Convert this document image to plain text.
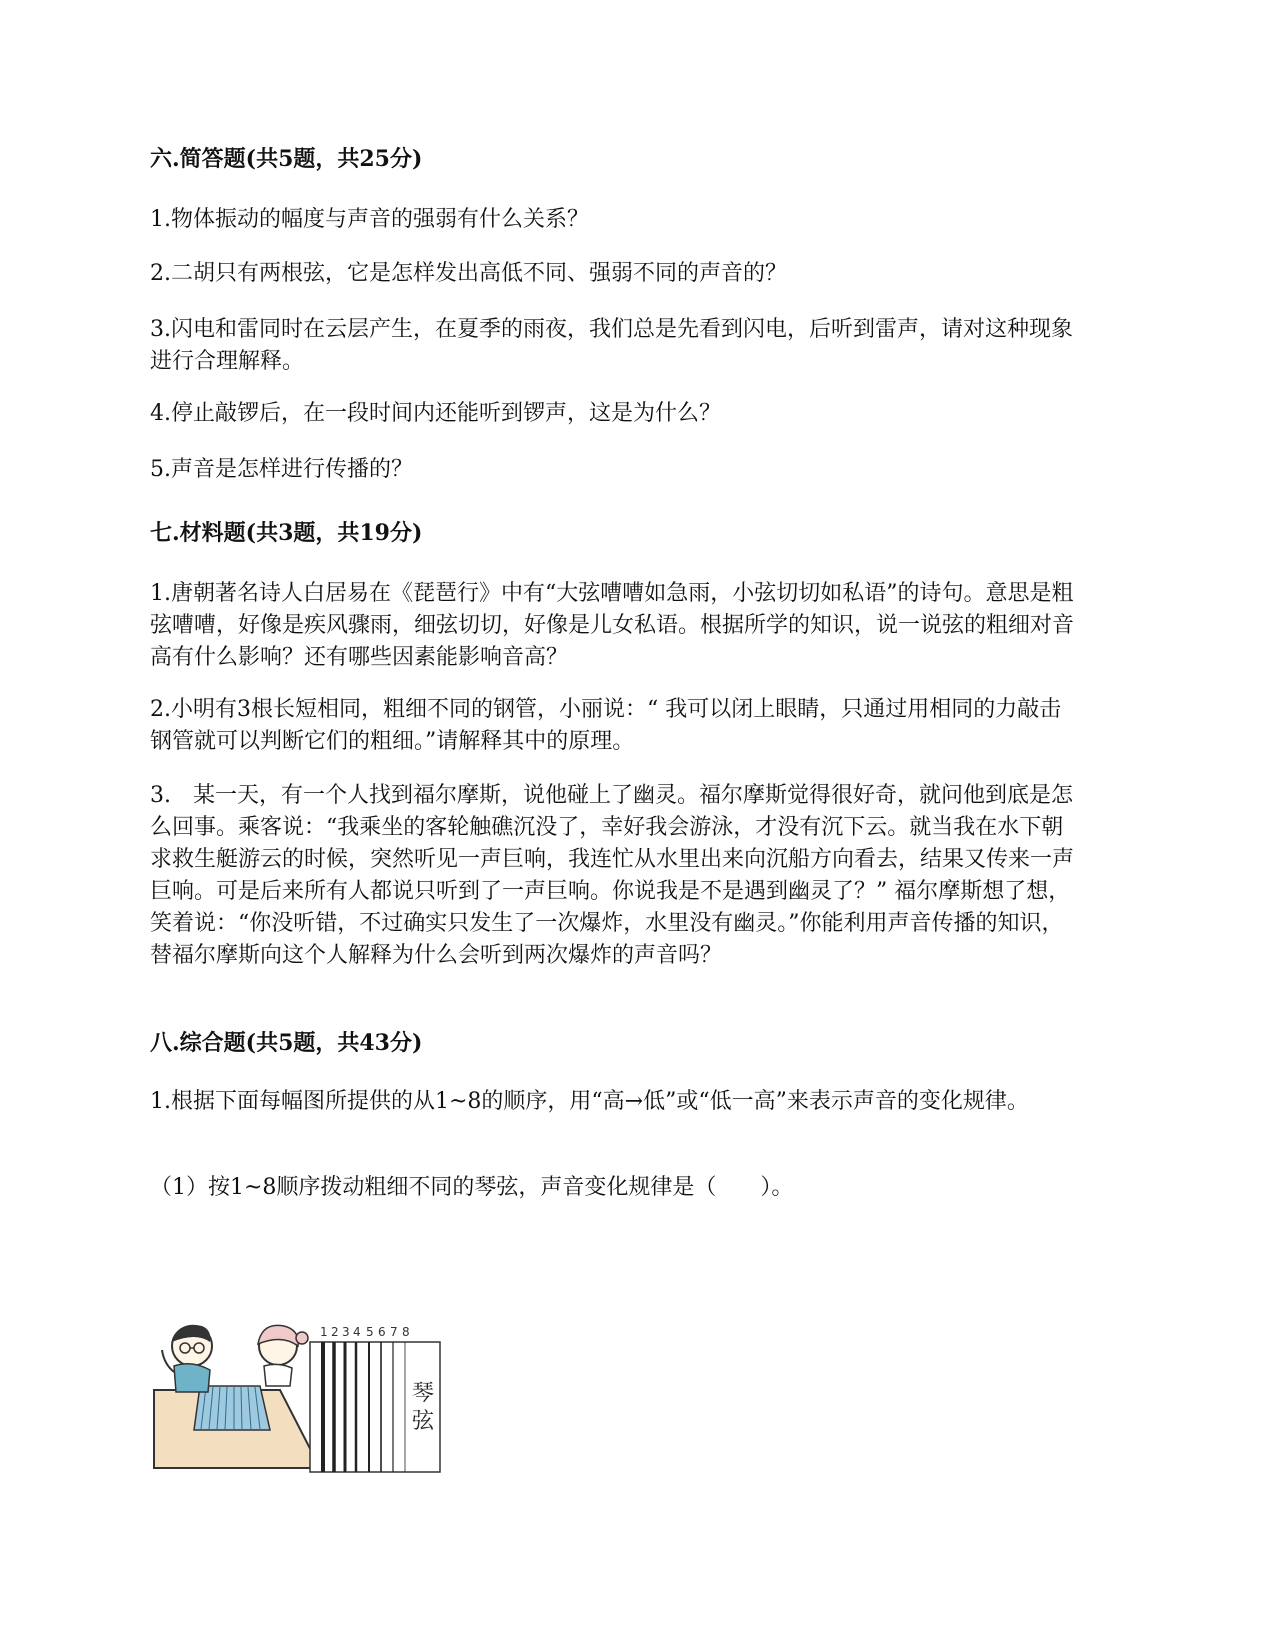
六.简答题(共5题，共25分)

1.物体振动的幅度与声音的强弱有什么关系？

2.二胡只有两根弦，它是怎样发出高低不同、强弱不同的声音的？

3.闪电和雷同时在云层产生，在夏季的雨夜，我们总是先看到闪电，后听到雷声，请对这种现象进行合理解释。

4.停止敲锣后，在一段时间内还能听到锣声，这是为什么？

5.声音是怎样进行传播的？

七.材料题(共3题，共19分)

1.唐朝著名诗人白居易在《琵琶行》中有“大弦嘈嘈如急雨，小弦切切如私语”的诗句。意思是粗弦嘈嘈，好像是疾风骤雨，细弦切切，好像是儿女私语。根据所学的知识，说一说弦的粗细对音高有什么影响？还有哪些因素能影响音高？

2.小明有3根长短相同，粗细不同的钢管，小丽说：“ 我可以闭上眼睛，只通过用相同的力敲击钢管就可以判断它们的粗细。”请解释其中的原理。

3.　某一天，有一个人找到福尔摩斯，说他碰上了幽灵。福尔摩斯觉得很好奇，就问他到底是怎么回事。乘客说：“我乘坐的客轮触礁沉没了，幸好我会游泳，才没有沉下云。就当我在水下朝求救生艇游云的时候，突然听见一声巨响，我连忙从水里出来向沉船方向看去，结果又传来一声巨响。可是后来所有人都说只听到了一声巨响。你说我是不是遇到幽灵了？” 福尔摩斯想了想，笑着说：“你没听错，不过确实只发生了一次爆炸，水里没有幽灵。”你能利用声音传播的知识，替福尔摩斯向这个人解释为什么会听到两次爆炸的声音吗？

八.综合题(共5题，共43分)

1.根据下面每幅图所提供的从1~8的顺序，用“高→低”或“低一高”来表示声音的变化规律。

（1）按1~8顺序拨动粗细不同的琴弦，声音变化规律是（　　）。

1 2 3 4 5 6 7 8
琴
弦
